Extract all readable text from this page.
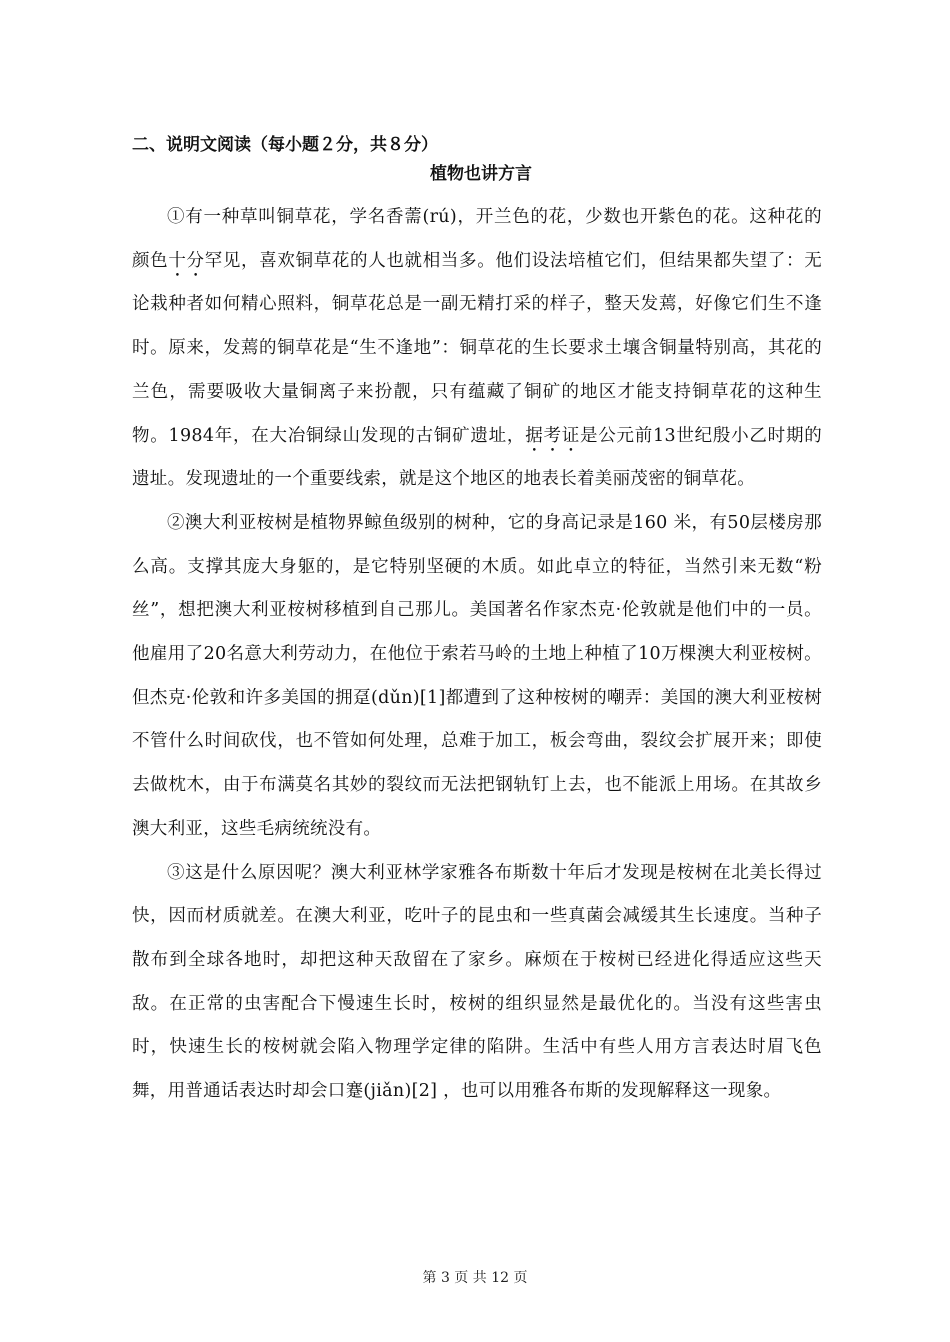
二、说明文阅读（每小题２分，共８分）
植物也讲方言

①有一种草叫铜草花，学名香薷(rú)，开兰色的花，少数也开紫色的花。这种花的颜色十分罕见，喜欢铜草花的人也就相当多。他们设法培植它们，但结果都失望了：无论栽种者如何精心照料，铜草花总是一副无精打采的样子，整天发蔫，好像它们生不逢时。原来，发蔫的铜草花是“生不逢地”：铜草花的生长要求土壤含铜量特别高，其花的兰色，需要吸收大量铜离子来扮靓，只有蕴藏了铜矿的地区才能支持铜草花的这种生物。1984年，在大冶铜绿山发现的古铜矿遗址，据考证是公元前13世纪殷小乙时期的遗址。发现遗址的一个重要线索，就是这个地区的地表长着美丽茂密的铜草花。

②澳大利亚桉树是植物界鲸鱼级别的树种，它的身高记录是160 米，有50层楼房那么高。支撑其庞大身躯的，是它特别坚硬的木质。如此卓立的特征，当然引来无数“粉丝”，想把澳大利亚桉树移植到自己那儿。美国著名作家杰克·伦敦就是他们中的一员。他雇用了20名意大利劳动力，在他位于索若马岭的土地上种植了10万棵澳大利亚桉树。但杰克·伦敦和许多美国的拥趸(dǔn)[1]都遭到了这种桉树的嘲弄：美国的澳大利亚桉树不管什么时间砍伐，也不管如何处理，总难于加工，板会弯曲，裂纹会扩展开来；即使去做枕木，由于布满莫名其妙的裂纹而无法把钢轨钉上去，也不能派上用场。在其故乡澳大利亚，这些毛病统统没有。

③这是什么原因呢？澳大利亚林学家雅各布斯数十年后才发现是桉树在北美长得过快，因而材质就差。在澳大利亚，吃叶子的昆虫和一些真菌会减缓其生长速度。当种子散布到全球各地时，却把这种天敌留在了家乡。麻烦在于桉树已经进化得适应这些天敌。在正常的虫害配合下慢速生长时，桉树的组织显然是最优化的。当没有这些害虫时，快速生长的桉树就会陷入物理学定律的陷阱。生活中有些人用方言表达时眉飞色舞，用普通话表达时却会口蹇(jiǎn)[2] ，也可以用雅各布斯的发现解释这一现象。

第 3 页 共 12 页
